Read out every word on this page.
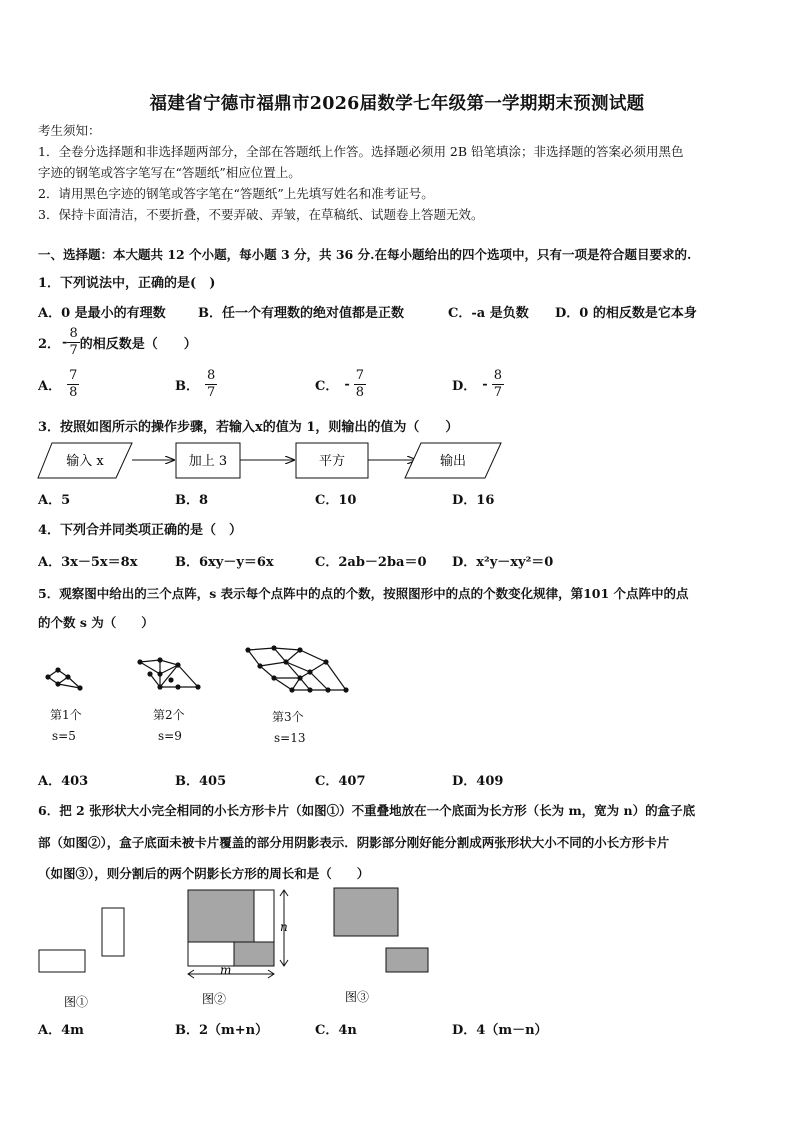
福建省宁德市福鼎市2026届数学七年级第一学期期末预测试题
考生须知：
1．全卷分选择题和非选择题两部分，全部在答题纸上作答。选择题必须用 2B 铅笔填涂；非选择题的答案必须用黑色
字迹的钢笔或答字笔写在“答题纸”相应位置上。
2．请用黑色字迹的钢笔或答字笔在“答题纸”上先填写姓名和准考证号。
3．保持卡面清洁，不要折叠，不要弄破、弄皱，在草稿纸、试题卷上答题无效。
一、选择题：本大题共 12 个小题，每小题 3 分，共 36 分.在每小题给出的四个选项中，只有一项是符合题目要求的.
1．下列说法中，正确的是(　)
A．0 是最小的有理数 B．任一个有理数的绝对值都是正数	C．-a 是负数 D．0 的相反数是它本身
2． - $\frac{8}{7}$ 的相反数是（　　）
A． $\frac{7}{8}$	B． $\frac{8}{7}$	C． - $\frac{7}{8}$	D． - $\frac{8}{7}$
3．按照如图所示的操作步骤，若输入x的值为 1，则输出的值为（　　）
输入 x	加上 3	平方	输出
A．5	B．8	C．10	D．16
4．下列合并同类项正确的是（　）
A．3x－5x＝8x	B．6xy－y＝6x	C．2ab－2ba＝0 D．x²y－xy²＝0
5．观察图中给出的三个点阵，s 表示每个点阵中的点的个数，按照图形中的点的个数变化规律，第101 个点阵中的点
的个数 s 为（　　）
第1个
s=5
第2个
s=9
第3个
s=13
A．403	B．405	C．407	D．409
6．把 2 张形状大小完全相同的小长方形卡片（如图①）不重叠地放在一个底面为长方形（长为 m，宽为 n）的盒子底
部（如图②），盒子底面未被卡片覆盖的部分用阴影表示．阴影部分刚好能分割成两张形状大小不同的小长方形卡片
（如图③），则分割后的两个阴影长方形的周长和是（　　）
n
m
图①	图②	图③
A．4m	B．2（m+n）	C．4n	D．4（m－n）
